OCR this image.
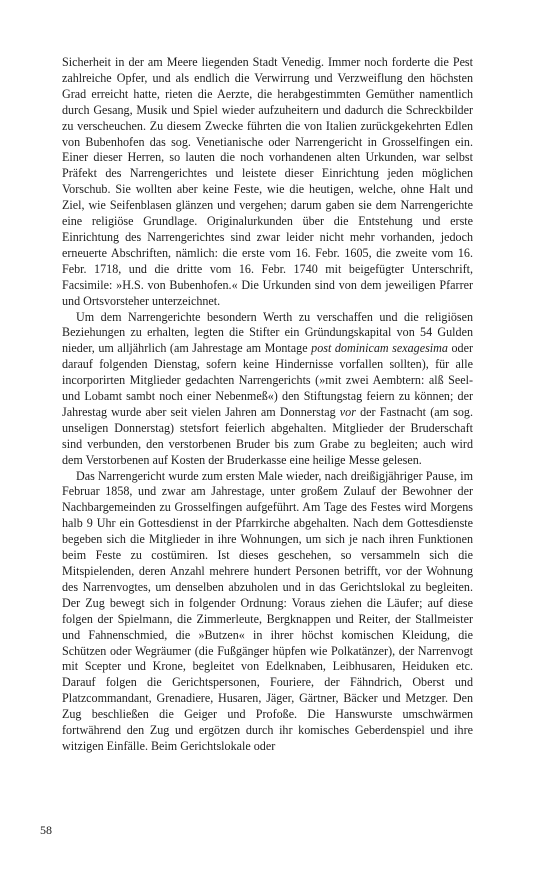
Sicherheit in der am Meere liegenden Stadt Venedig. Immer noch forderte die Pest zahlreiche Opfer, und als endlich die Verwirrung und Verzweiflung den höchsten Grad erreicht hatte, rieten die Aerzte, die herabgestimmten Gemüther namentlich durch Gesang, Musik und Spiel wieder aufzuheitern und dadurch die Schreckbilder zu verscheuchen. Zu diesem Zwecke führten die von Italien zurückgekehrten Edlen von Bubenhofen das sog. Venetianische oder Narrengericht in Grosselfingen ein. Einer dieser Herren, so lauten die noch vorhandenen alten Urkunden, war selbst Präfekt des Narrengerichtes und leistete dieser Einrichtung jeden möglichen Vorschub. Sie wollten aber keine Feste, wie die heutigen, welche, ohne Halt und Ziel, wie Seifenblasen glänzen und vergehen; darum gaben sie dem Narrengerichte eine religiöse Grundlage. Originalurkunden über die Entstehung und erste Einrichtung des Narrengerichtes sind zwar leider nicht mehr vorhanden, jedoch erneuerte Abschriften, nämlich: die erste vom 16. Febr. 1605, die zweite vom 16. Febr. 1718, und die dritte vom 16. Febr. 1740 mit beigefügter Unterschrift, Facsimile: »H.S. von Bubenhofen.« Die Urkunden sind von dem jeweiligen Pfarrer und Ortsvorsteher unterzeichnet.

Um dem Narrengerichte besondern Werth zu verschaffen und die religiösen Beziehungen zu erhalten, legten die Stifter ein Gründungskapital von 54 Gulden nieder, um alljährlich (am Jahrestage am Montage post dominicam sexagesima oder darauf folgenden Dienstag, sofern keine Hindernisse vorfallen sollten), für alle incorporirten Mitglieder gedachten Narrengerichts (»mit zwei Aembtern: alß Seel- und Lobamt sambt noch einer Nebenmeß«) den Stiftungstag feiern zu können; der Jahrestag wurde aber seit vielen Jahren am Donnerstag vor der Fastnacht (am sog. unseligen Donnerstag) stetsfort feierlich abgehalten. Mitglieder der Bruderschaft sind verbunden, den verstorbenen Bruder bis zum Grabe zu begleiten; auch wird dem Verstorbenen auf Kosten der Bruderkasse eine heilige Messe gelesen.

Das Narrengericht wurde zum ersten Male wieder, nach dreißigjähriger Pause, im Februar 1858, und zwar am Jahrestage, unter großem Zulauf der Bewohner der Nachbargemeinden zu Grosselfingen aufgeführt. Am Tage des Festes wird Morgens halb 9 Uhr ein Gottesdienst in der Pfarrkirche abgehalten. Nach dem Gottesdienste begeben sich die Mitglieder in ihre Wohnungen, um sich je nach ihren Funktionen beim Feste zu costümiren. Ist dieses geschehen, so versammeln sich die Mitspielenden, deren Anzahl mehrere hundert Personen betrifft, vor der Wohnung des Narrenvogtes, um denselben abzuholen und in das Gerichtslokal zu begleiten. Der Zug bewegt sich in folgender Ordnung: Voraus ziehen die Läufer; auf diese folgen der Spielmann, die Zimmerleute, Bergknappen und Reiter, der Stallmeister und Fahnenschmied, die »Butzen« in ihrer höchst komischen Kleidung, die Schützen oder Wegräumer (die Fußgänger hüpfen wie Polkatänzer), der Narrenvogt mit Scepter und Krone, begleitet von Edelknaben, Leibhusaren, Heiduken etc. Darauf folgen die Gerichtspersonen, Fouriere, der Fähndrich, Oberst und Platzcommandant, Grenadiere, Husaren, Jäger, Gärtner, Bäcker und Metzger. Den Zug beschließen die Geiger und Profoße. Die Hanswurste umschwärmen fortwährend den Zug und ergötzen durch ihr komisches Geberdenspiel und ihre witzigen Einfälle. Beim Gerichtslokale oder

58
